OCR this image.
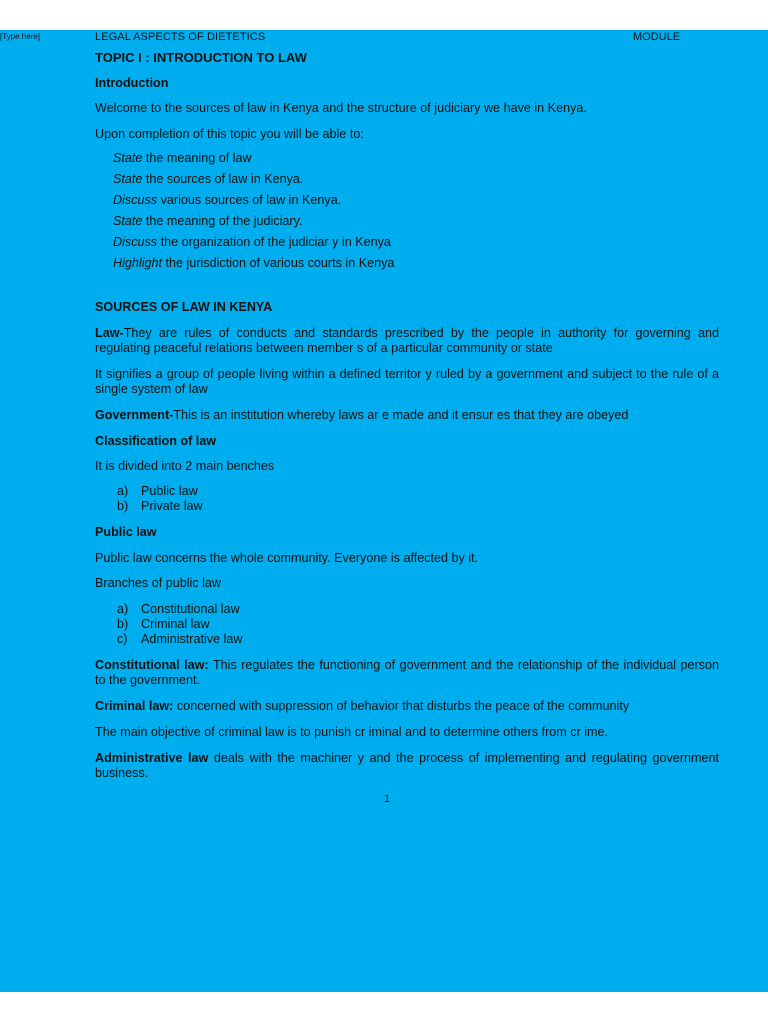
[Type here]	LEGAL ASPECTS OF DIETETICS	MODULE

TOPIC I : INTRODUCTION TO LAW

Introduction

Welcome to the sources of law in Kenya and the structure of judiciary we have in Kenya.

Upon completion of this topic you will be able to:

State the meaning of law
State the sources of law in Kenya.
Discuss various sources of law in Kenya.
State the meaning of the judiciary.
Discuss the organization of the judiciar y in Kenya
Highlight the jurisdiction of various courts in Kenya

SOURCES OF LAW IN KENYA

Law-They are rules of conducts and standards prescribed by the people in authority for governing and regulating peaceful relations between member s of a particular community or state

It signifies a group of people living within a defined territor y ruled by a government and subject to the rule of a single system of law

Government-This is an institution whereby laws ar e made and it ensur es that they are obeyed

Classification of law

It is divided into 2 main benches

a) Public law
b) Private law

Public law

Public law concerns the whole community. Everyone is affected by it.

Branches of public law

a) Constitutional law
b) Criminal law
c) Administrative law

Constitutional law: This regulates the functioning of government and the relationship of the individual person to the government.

Criminal law: concerned with suppression of behavior that disturbs the peace of the community

The main objective of criminal law is to punish cr iminal and to determine others from cr ime.

Administrative law deals with the machiner y and the process of implementing and regulating government business.

1
